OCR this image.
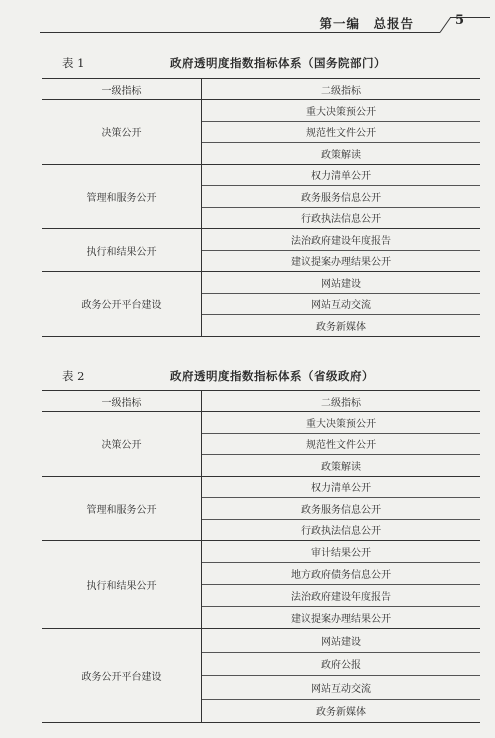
第一编　总报告	5
表 1	政府透明度指数指标体系（国务院部门）
一级指标	二级指标
决策公开	重大决策预公开
	规范性文件公开
	政策解读
管理和服务公开	权力清单公开
	政务服务信息公开
	行政执法信息公开
执行和结果公开	法治政府建设年度报告
	建议提案办理结果公开
政务公开平台建设	网站建设
	网站互动交流
	政务新媒体
表 2	政府透明度指数指标体系（省级政府）
一级指标	二级指标
决策公开	重大决策预公开
	规范性文件公开
	政策解读
管理和服务公开	权力清单公开
	政务服务信息公开
	行政执法信息公开
执行和结果公开	审计结果公开
	地方政府债务信息公开
	法治政府建设年度报告
	建议提案办理结果公开
政务公开平台建设	网站建设
	政府公报
	网站互动交流
	政务新媒体
